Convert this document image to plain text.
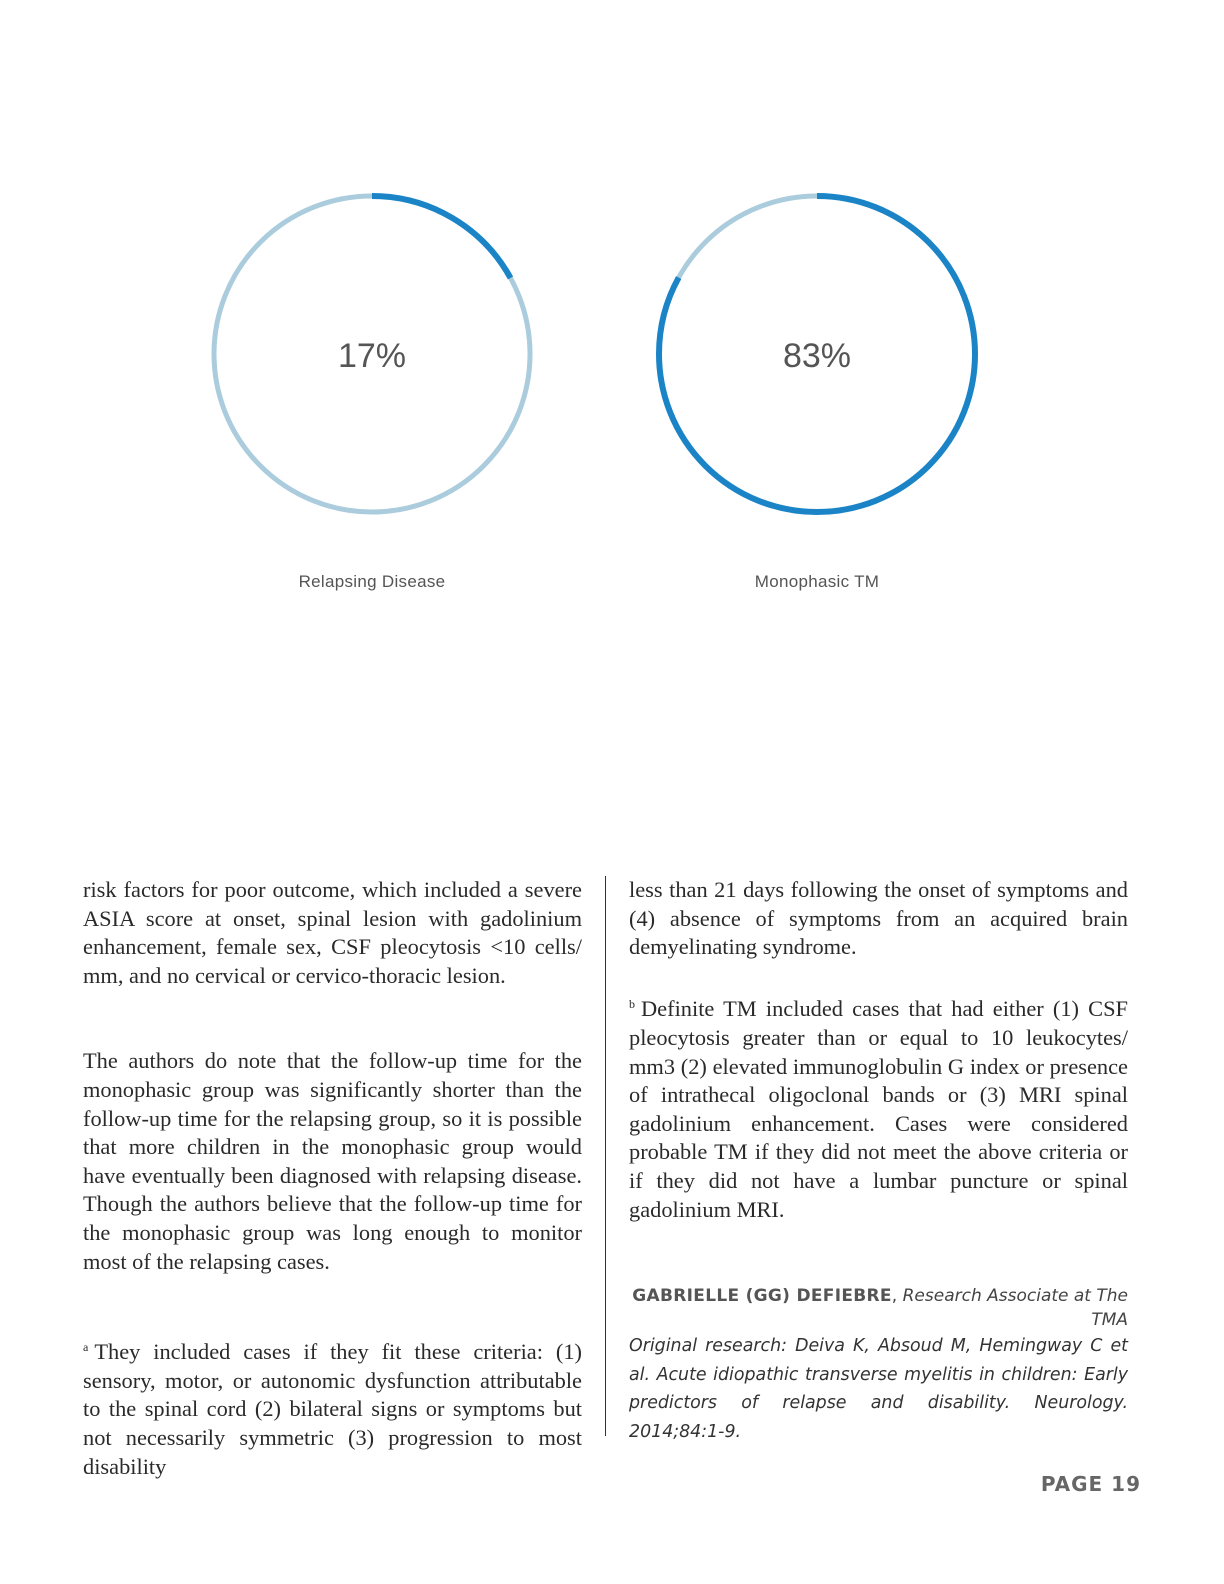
17%
Relapsing Disease
83%
Monophasic TM

risk factors for poor outcome, which included a severe ASIA score at onset, spinal lesion with gadolinium enhancement, female sex, CSF pleocytosis <10 cells/ mm, and no cervical or cervico-thoracic lesion.

The authors do note that the follow-up time for the monophasic group was significantly shorter than the follow-up time for the relapsing group, so it is possible that more children in the monophasic group would have eventually been diagnosed with relapsing disease. Though the authors believe that the follow-up time for the monophasic group was long enough to monitor most of the relapsing cases.

$^a$ They included cases if they fit these criteria: (1) sensory, motor, or autonomic dysfunction attributable to the spinal cord (2) bilateral signs or symptoms but not necessarily symmetric (3) progression to most disability

less than 21 days following the onset of symptoms and (4) absence of symptoms from an acquired brain demyelinating syndrome.

$^b$ Definite TM included cases that had either (1) CSF pleocytosis greater than or equal to 10 leukocytes/ mm3 (2) elevated immunoglobulin G index or presence of intrathecal oligoclonal bands or (3) MRI spinal gadolinium enhancement. Cases were considered probable TM if they did not meet the above criteria or if they did not have a lumbar puncture or spinal gadolinium MRI.

GABRIELLE (GG) DEFIEBRE, Research Associate at The TMA

Original research: Deiva K, Absoud M, Hemingway C et al. Acute idiopathic transverse myelitis in children: Early predictors of relapse and disability. Neurology. 2014;84:1-9.

PAGE 19
